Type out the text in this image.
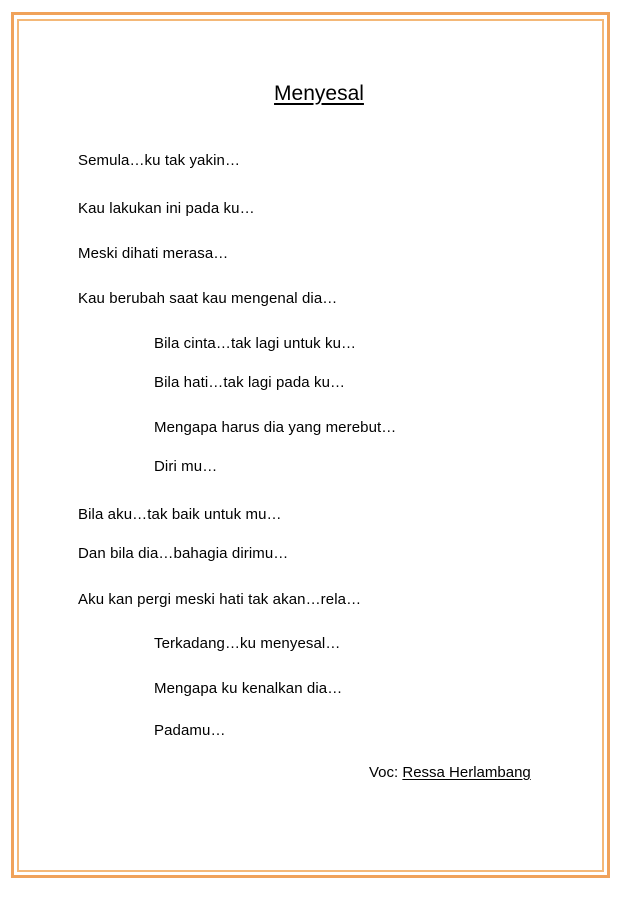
Menyesal
Semula…ku tak yakin…
Kau lakukan ini pada ku…
Meski dihati merasa…
Kau berubah saat kau mengenal dia…
Bila cinta…tak lagi untuk ku…
Bila hati…tak lagi pada ku…
Mengapa harus dia yang merebut…
Diri mu…
Bila aku…tak baik untuk mu…
Dan bila dia…bahagia dirimu…
Aku kan pergi meski hati tak akan…rela…
Terkadang…ku menyesal…
Mengapa ku kenalkan dia…
Padamu…
Voc: Ressa Herlambang
